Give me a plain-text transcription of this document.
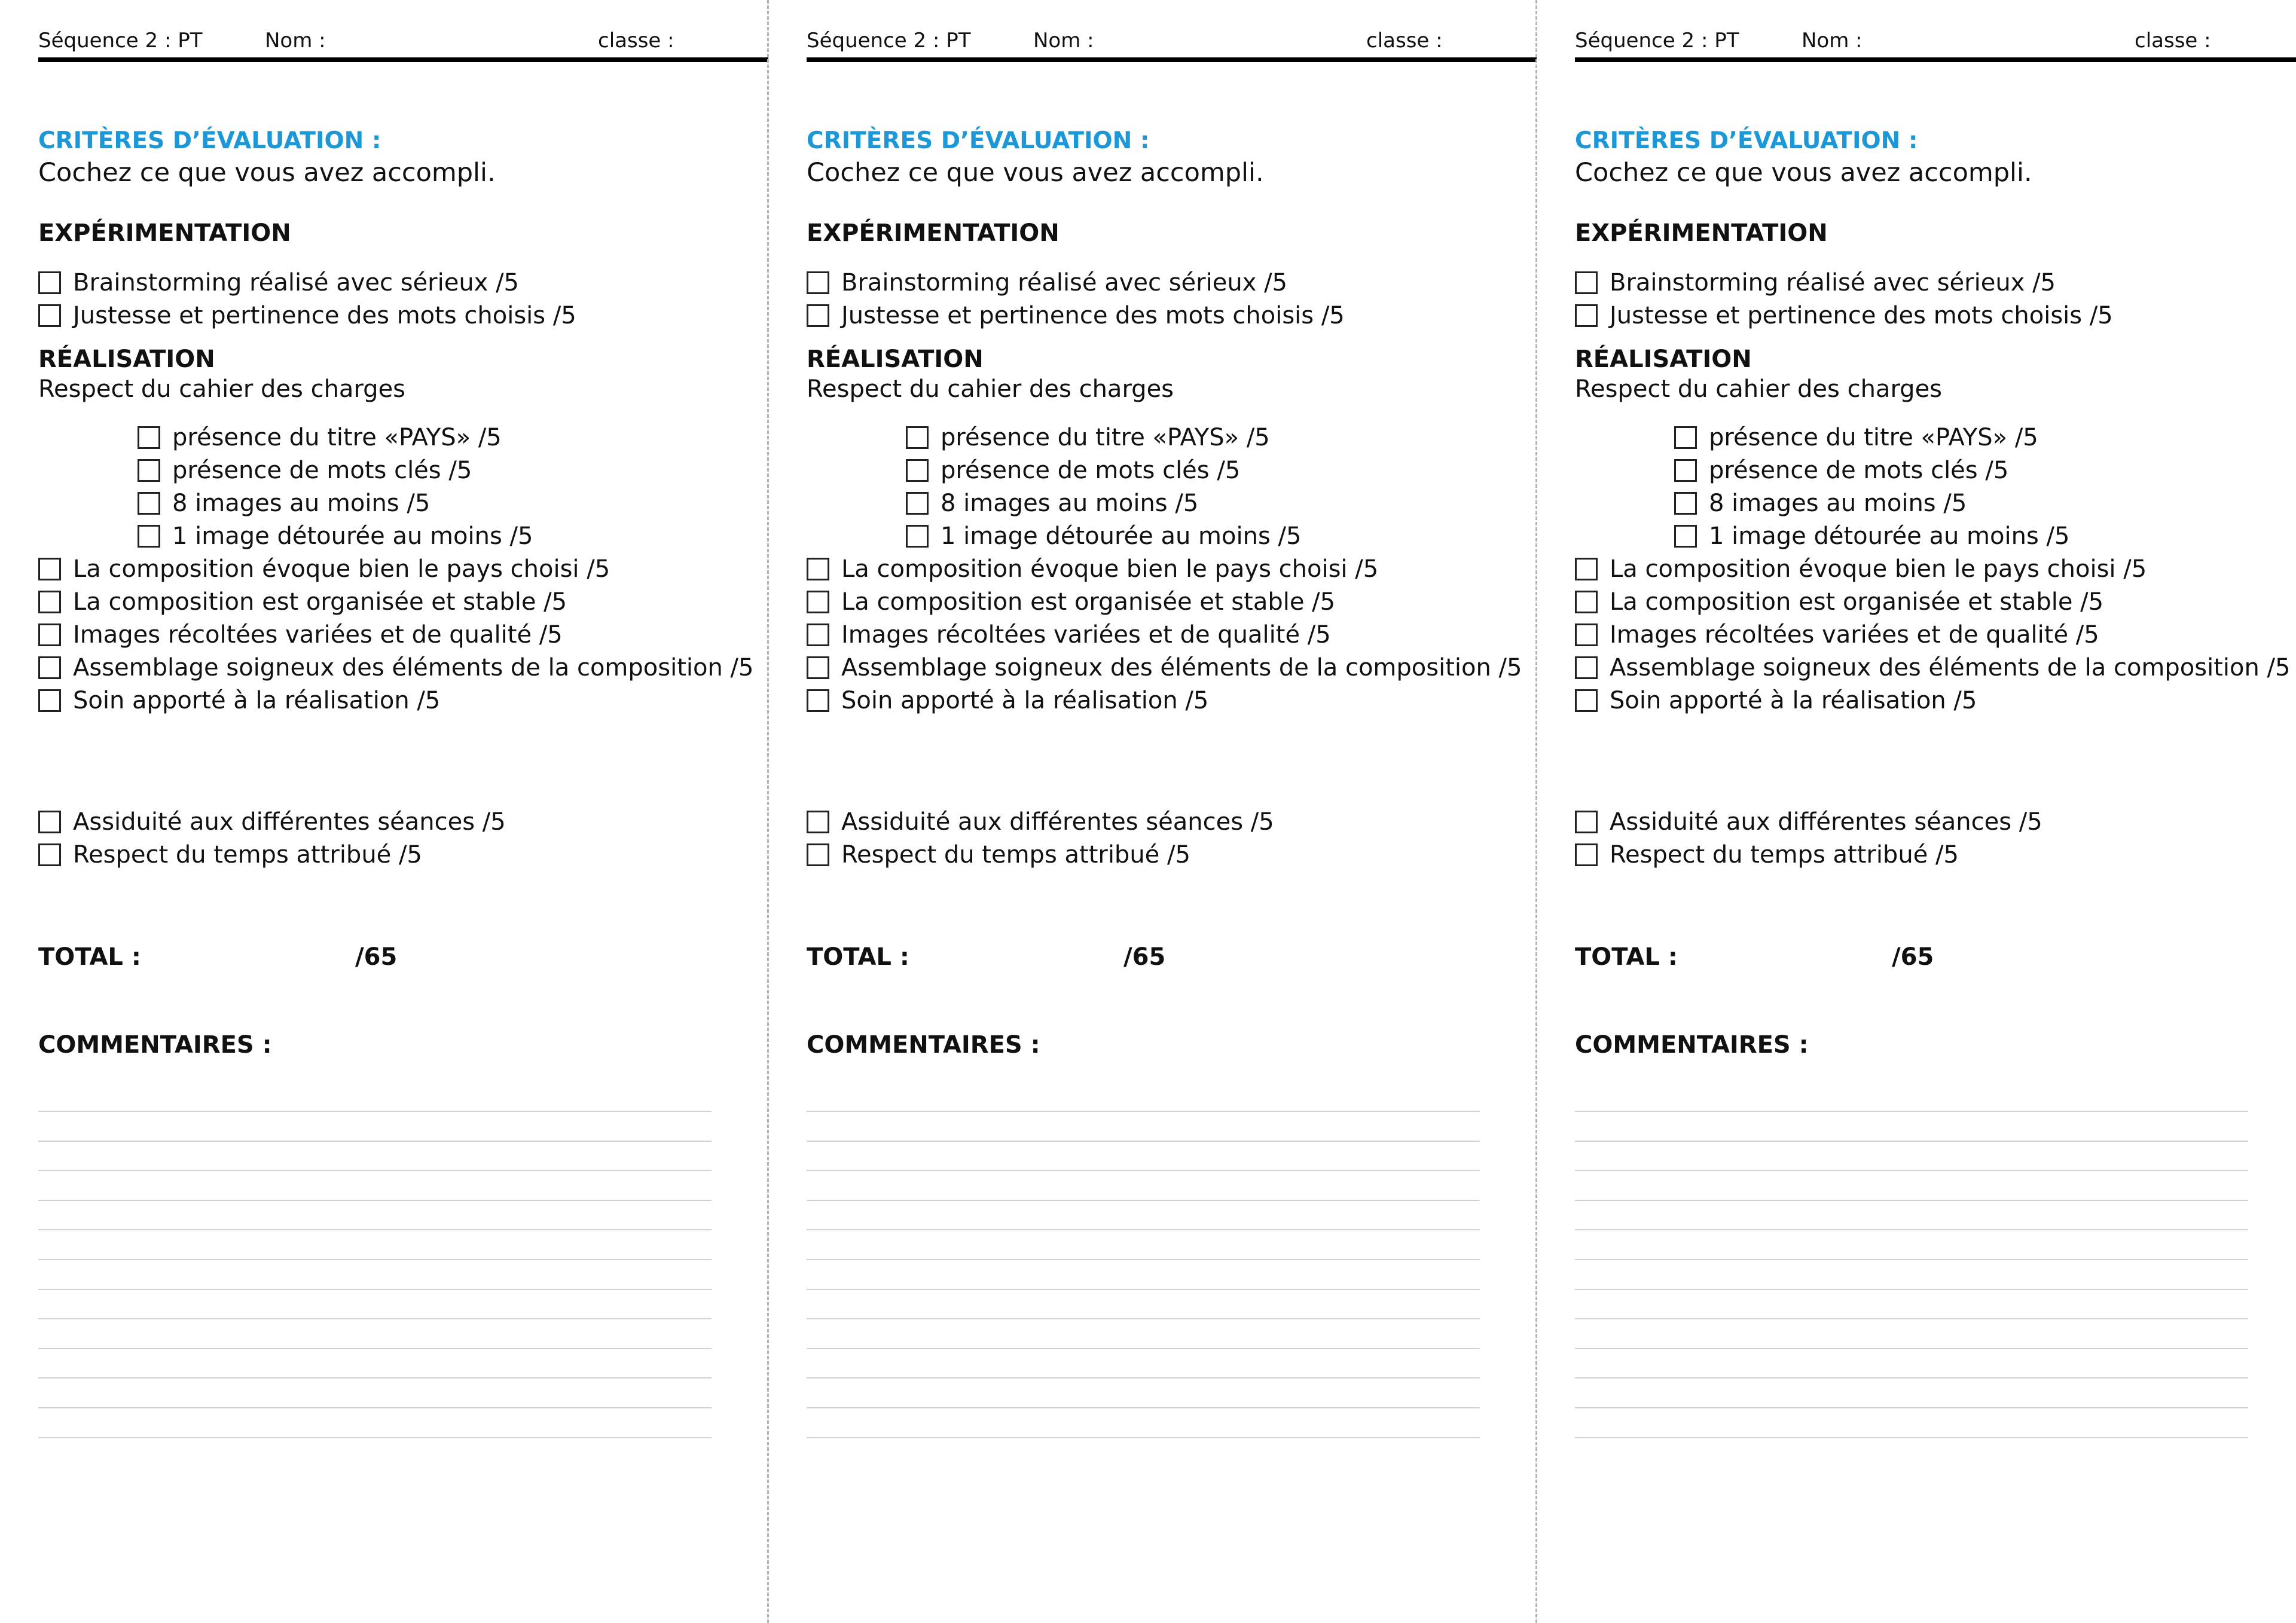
Séquence 2 : PT	Nom :	classe :
CRITÈRES D’ÉVALUATION :
Cochez ce que vous avez accompli.
EXPÉRIMENTATION
Brainstorming réalisé avec sérieux /5
Justesse et pertinence des mots choisis /5
RÉALISATION
Respect du cahier des charges
présence du titre «PAYS» /5
présence de mots clés /5
8 images au moins /5
1 image détourée au moins /5
La composition évoque bien le pays choisi /5
La composition est organisée et stable /5
Images récoltées variées et de qualité /5
Assemblage soigneux des éléments de la composition /5
Soin apporté à la réalisation /5
Assiduité aux différentes séances /5
Respect du temps attribué /5
TOTAL :	/65
COMMENTAIRES :
Séquence 2 : PT	Nom :	classe :
CRITÈRES D’ÉVALUATION :
Cochez ce que vous avez accompli.
EXPÉRIMENTATION
Brainstorming réalisé avec sérieux /5
Justesse et pertinence des mots choisis /5
RÉALISATION
Respect du cahier des charges
présence du titre «PAYS» /5
présence de mots clés /5
8 images au moins /5
1 image détourée au moins /5
La composition évoque bien le pays choisi /5
La composition est organisée et stable /5
Images récoltées variées et de qualité /5
Assemblage soigneux des éléments de la composition /5
Soin apporté à la réalisation /5
Assiduité aux différentes séances /5
Respect du temps attribué /5
TOTAL :	/65
COMMENTAIRES :
Séquence 2 : PT	Nom :	classe :
CRITÈRES D’ÉVALUATION :
Cochez ce que vous avez accompli.
EXPÉRIMENTATION
Brainstorming réalisé avec sérieux /5
Justesse et pertinence des mots choisis /5
RÉALISATION
Respect du cahier des charges
présence du titre «PAYS» /5
présence de mots clés /5
8 images au moins /5
1 image détourée au moins /5
La composition évoque bien le pays choisi /5
La composition est organisée et stable /5
Images récoltées variées et de qualité /5
Assemblage soigneux des éléments de la composition /5
Soin apporté à la réalisation /5
Assiduité aux différentes séances /5
Respect du temps attribué /5
TOTAL :	/65
COMMENTAIRES :
